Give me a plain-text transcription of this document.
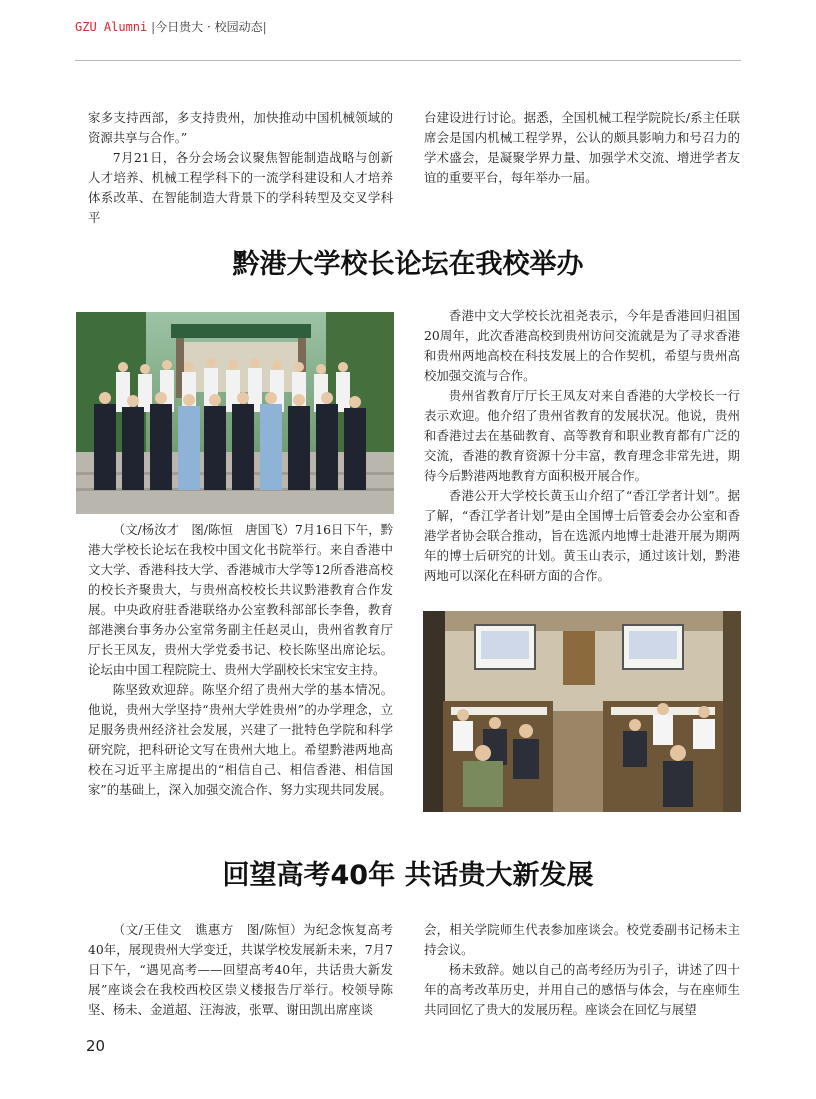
GZU Alumni |今日贵大 · 校园动态|

家多支持西部，多支持贵州，加快推动中国机械领域的资源共享与合作。”

7月21日，各分会场会议聚焦智能制造战略与创新人才培养、机械工程学科下的一流学科建设和人才培养体系改革、在智能制造大背景下的学科转型及交叉学科平

台建设进行讨论。据悉，全国机械工程学院院长/系主任联席会是国内机械工程学界，公认的颇具影响力和号召力的学术盛会，是凝聚学界力量、加强学术交流、增进学者友谊的重要平台，每年举办一届。

黔港大学校长论坛在我校举办

（文/杨汝才　图/陈恒　唐国飞）7月16日下午，黔港大学校长论坛在我校中国文化书院举行。来自香港中文大学、香港科技大学、香港城市大学等12所香港高校的校长齐聚贵大，与贵州高校校长共议黔港教育合作发展。中央政府驻香港联络办公室教科部部长李鲁，教育部港澳台事务办公室常务副主任赵灵山，贵州省教育厅厅长王凤友，贵州大学党委书记、校长陈坚出席论坛。论坛由中国工程院院士、贵州大学副校长宋宝安主持。

陈坚致欢迎辞。陈坚介绍了贵州大学的基本情况。他说，贵州大学坚持“贵州大学姓贵州”的办学理念，立足服务贵州经济社会发展，兴建了一批特色学院和科学研究院，把科研论文写在贵州大地上。希望黔港两地高校在习近平主席提出的“相信自己、相信香港、相信国家”的基础上，深入加强交流合作、努力实现共同发展。

香港中文大学校长沈祖尧表示，今年是香港回归祖国20周年，此次香港高校到贵州访问交流就是为了寻求香港和贵州两地高校在科技发展上的合作契机，希望与贵州高校加强交流与合作。

贵州省教育厅厅长王凤友对来自香港的大学校长一行表示欢迎。他介绍了贵州省教育的发展状况。他说，贵州和香港过去在基础教育、高等教育和职业教育都有广泛的交流，香港的教育资源十分丰富，教育理念非常先进，期待今后黔港两地教育方面积极开展合作。

香港公开大学校长黄玉山介绍了“香江学者计划”。据了解，“香江学者计划”是由全国博士后管委会办公室和香港学者协会联合推动，旨在选派内地博士赴港开展为期两年的博士后研究的计划。黄玉山表示，通过该计划，黔港两地可以深化在科研方面的合作。

回望高考40年 共话贵大新发展

（文/王佳文　谯惠方　图/陈恒）为纪念恢复高考40年，展现贵州大学变迁，共谋学校发展新未来，7月7日下午，“遇见高考——回望高考40年，共话贵大新发展”座谈会在我校西校区崇义楼报告厅举行。校领导陈坚、杨未、金道超、汪海波，张覃、谢田凯出席座谈

会，相关学院师生代表参加座谈会。校党委副书记杨未主持会议。

杨未致辞。她以自己的高考经历为引子，讲述了四十年的高考改革历史，并用自己的感悟与体会，与在座师生共同回忆了贵大的发展历程。座谈会在回忆与展望

20
